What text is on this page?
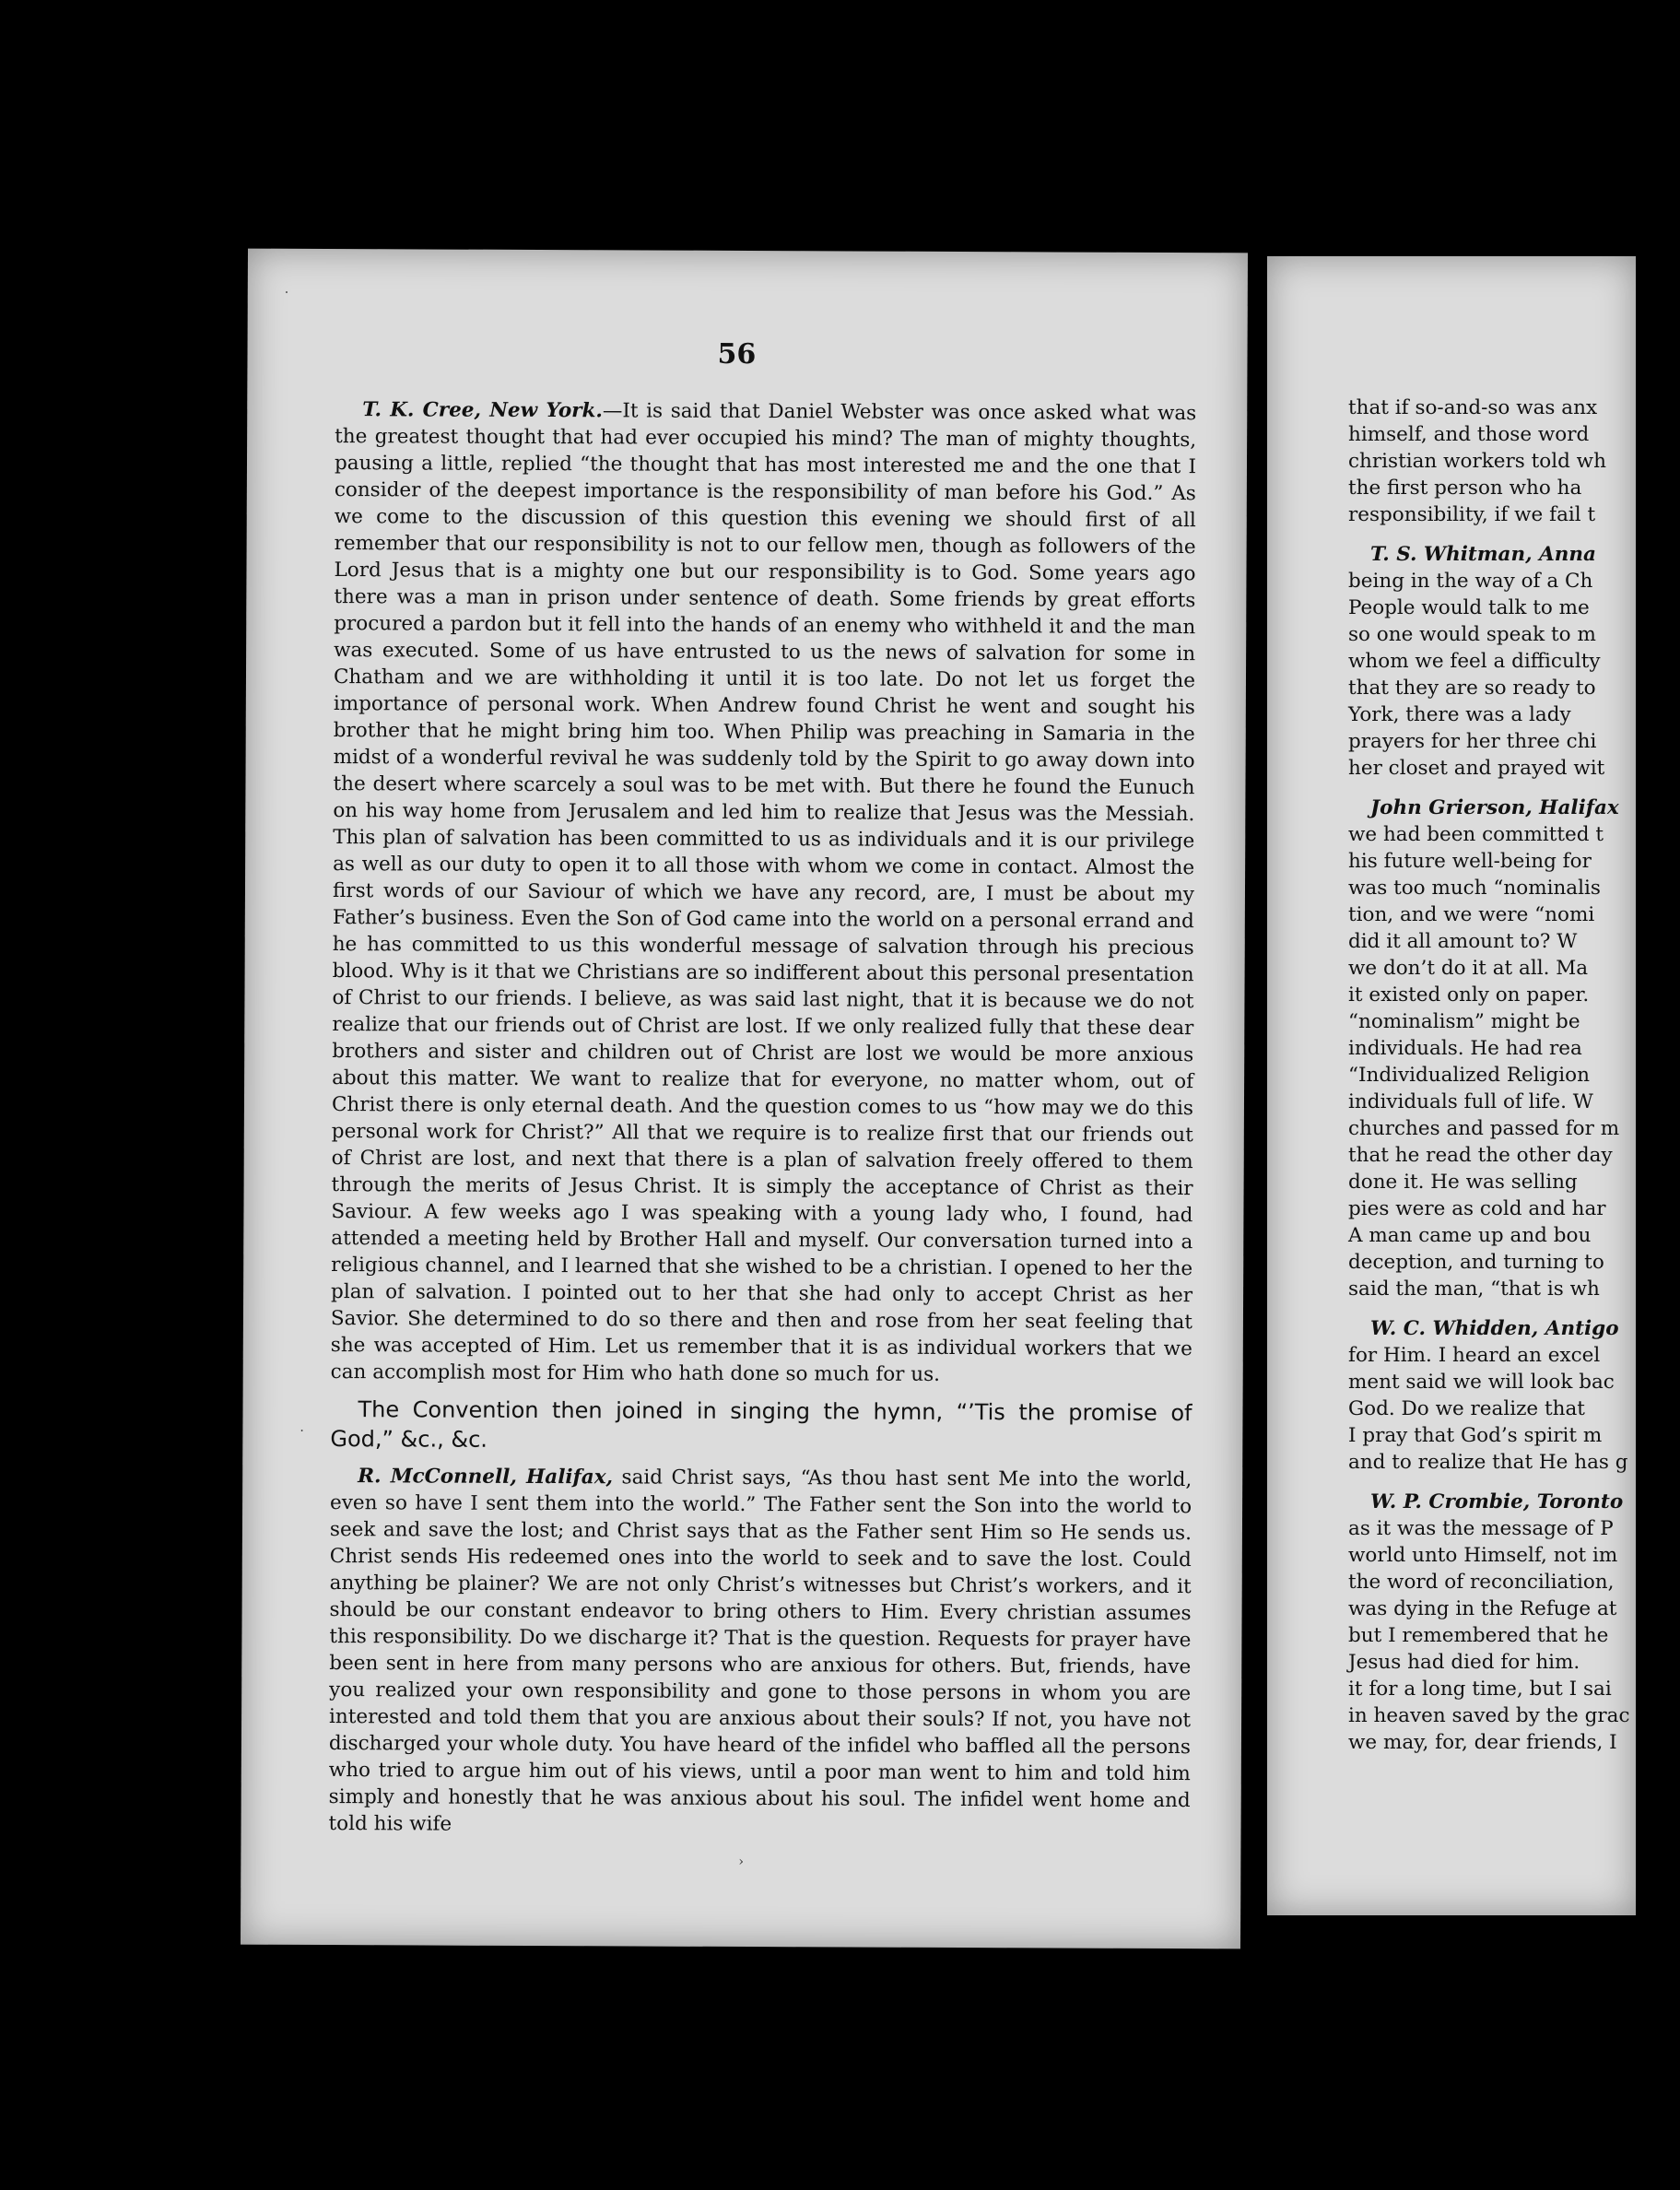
56

T. K. Cree, New York.—It is said that Daniel Webster was once asked what was the greatest thought that had ever occupied his mind? The man of mighty thoughts, pausing a little, replied “the thought that has most interested me and the one that I consider of the deepest importance is the responsibility of man before his God.” As we come to the discussion of this question this evening we should first of all remember that our responsibility is not to our fellow men, though as followers of the Lord Jesus that is a mighty one but our responsibility is to God. Some years ago there was a man in prison under sentence of death. Some friends by great efforts procured a pardon but it fell into the hands of an enemy who withheld it and the man was executed. Some of us have entrusted to us the news of salvation for some in Chatham and we are withholding it until it is too late. Do not let us forget the importance of personal work. When Andrew found Christ he went and sought his brother that he might bring him too. When Philip was preaching in Samaria in the midst of a wonderful revival he was suddenly told by the Spirit to go away down into the desert where scarcely a soul was to be met with. But there he found the Eunuch on his way home from Jerusalem and led him to realize that Jesus was the Messiah. This plan of salvation has been committed to us as individuals and it is our privilege as well as our duty to open it to all those with whom we come in contact. Almost the first words of our Saviour of which we have any record, are, I must be about my Father’s business. Even the Son of God came into the world on a personal errand and he has committed to us this wonderful message of salvation through his precious blood. Why is it that we Christians are so indifferent about this personal presentation of Christ to our friends. I believe, as was said last night, that it is because we do not realize that our friends out of Christ are lost. If we only realized fully that these dear brothers and sister and children out of Christ are lost we would be more anxious about this matter. We want to realize that for everyone, no matter whom, out of Christ there is only eternal death. And the question comes to us “how may we do this personal work for Christ?” All that we require is to realize first that our friends out of Christ are lost, and next that there is a plan of salvation freely offered to them through the merits of Jesus Christ. It is simply the acceptance of Christ as their Saviour. A few weeks ago I was speaking with a young lady who, I found, had attended a meeting held by Brother Hall and myself. Our conversation turned into a religious channel, and I learned that she wished to be a christian. I opened to her the plan of salvation. I pointed out to her that she had only to accept Christ as her Savior. She determined to do so there and then and rose from her seat feeling that she was accepted of Him. Let us remember that it is as individual workers that we can accomplish most for Him who hath done so much for us.

The Convention then joined in singing the hymn, “’Tis the promise of God,” &c., &c.

R. McConnell, Halifax, said Christ says, “As thou hast sent Me into the world, even so have I sent them into the world.” The Father sent the Son into the world to seek and save the lost; and Christ says that as the Father sent Him so He sends us. Christ sends His redeemed ones into the world to seek and to save the lost. Could anything be plainer? We are not only Christ’s witnesses but Christ’s workers, and it should be our constant endeavor to bring others to Him. Every christian assumes this responsibility. Do we discharge it? That is the question. Requests for prayer have been sent in here from many persons who are anxious for others. But, friends, have you realized your own responsibility and gone to those persons in whom you are interested and told them that you are anxious about their souls? If not, you have not discharged your whole duty. You have heard of the infidel who baffled all the persons who tried to argue him out of his views, until a poor man went to him and told him simply and honestly that he was anxious about his soul. The infidel went home and told his wife

·
·
›
that if so-and-so was anx
himself, and those word
christian workers told wh
the first person who ha
responsibility, if we fail t
T. S. Whitman, Anna
being in the way of a Ch
People would talk to me
so one would speak to m
whom we feel a difficulty
that they are so ready to
York, there was a lady
prayers for her three chi
her closet and prayed wit
John Grierson, Halifax
we had been committed t
his future well-being for
was too much “nominalis
tion, and we were “nomi
did it all amount to? W
we don’t do it at all. Ma
it existed only on paper.
“nominalism” might be
individuals. He had rea
“Individualized Religion
individuals full of life. W
churches and passed for m
that he read the other day
done it. He was selling
pies were as cold and har
A man came up and bou
deception, and turning to
said the man, “that is wh
W. C. Whidden, Antigo
for Him. I heard an excel
ment said we will look bac
God. Do we realize that
I pray that God’s spirit m
and to realize that He has g
W. P. Crombie, Toronto
as it was the message of P
world unto Himself, not im
the word of reconciliation,
was dying in the Refuge at
but I remembered that he
Jesus had died for him.
it for a long time, but I sai
in heaven saved by the grac
we may, for, dear friends, I
